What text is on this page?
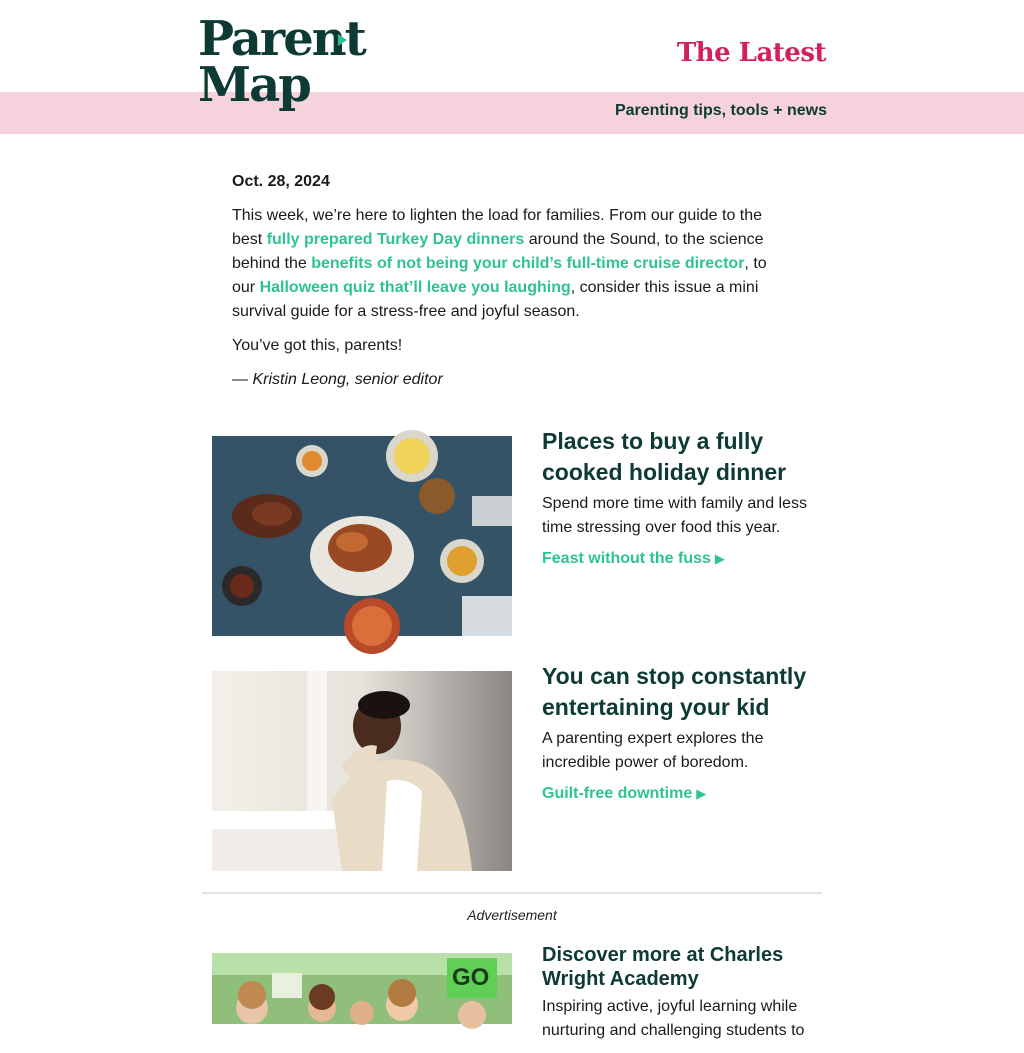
Parent
Map
The Latest
Parenting tips, tools + news
Oct. 28, 2024

This week, we’re here to lighten the load for families. From our guide to the best fully prepared Turkey Day dinners around the Sound, to the science behind the benefits of not being your child’s full-time cruise director, to our Halloween quiz that’ll leave you laughing, consider this issue a mini survival guide for a stress-free and joyful season.

You’ve got this, parents!

— Kristin Leong, senior editor

Places to buy a fully cooked holiday dinner
Spend more time with family and less time stressing over food this year.
Feast without the fuss ▶
You can stop constantly entertaining your kid
A parenting expert explores the incredible power of boredom.
Guilt-free downtime ▶
Advertisement
GO
Discover more at Charles Wright Academy
Inspiring active, joyful learning while nurturing and challenging students to
